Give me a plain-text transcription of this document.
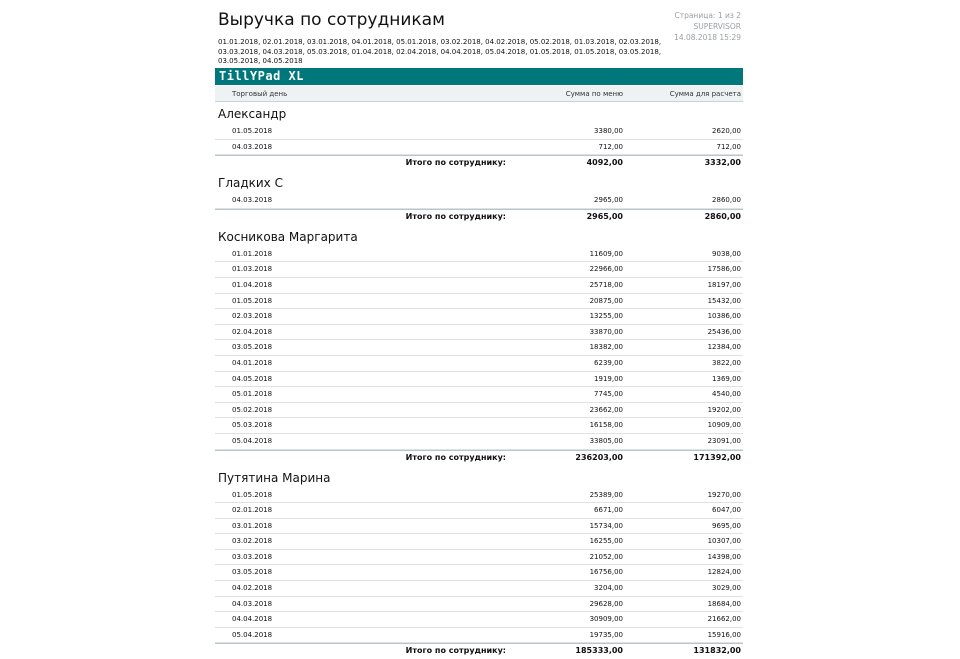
Выручка по сотрудникам	Страница: 1 из 2
SUPERVISOR
14.08.2018 15:29
01.01.2018, 02.01.2018, 03.01.2018, 04.01.2018, 05.01.2018, 03.02.2018, 04.02.2018, 05.02.2018, 01.03.2018, 02.03.2018, 03.03.2018, 04.03.2018, 05.03.2018, 01.04.2018, 02.04.2018, 04.04.2018, 05.04.2018, 01.05.2018, 01.05.2018, 03.05.2018, 03.05.2018, 04.05.2018
TillYPad XL
Торговый день	Сумма по меню	Сумма для расчета
Александр
01.05.2018	3380,00	2620,00
04.03.2018	712,00	712,00
Итого по сотруднику:	4092,00	3332,00
Гладких С
04.03.2018	2965,00	2860,00
Итого по сотруднику:	2965,00	2860,00
Косникова Маргарита
01.01.2018	11609,00	9038,00
01.03.2018	22966,00	17586,00
01.04.2018	25718,00	18197,00
01.05.2018	20875,00	15432,00
02.03.2018	13255,00	10386,00
02.04.2018	33870,00	25436,00
03.05.2018	18382,00	12384,00
04.01.2018	6239,00	3822,00
04.05.2018	1919,00	1369,00
05.01.2018	7745,00	4540,00
05.02.2018	23662,00	19202,00
05.03.2018	16158,00	10909,00
05.04.2018	33805,00	23091,00
Итого по сотруднику:	236203,00	171392,00
Путятина Марина
01.05.2018	25389,00	19270,00
02.01.2018	6671,00	6047,00
03.01.2018	15734,00	9695,00
03.02.2018	16255,00	10307,00
03.03.2018	21052,00	14398,00
03.05.2018	16756,00	12824,00
04.02.2018	3204,00	3029,00
04.03.2018	29628,00	18684,00
04.04.2018	30909,00	21662,00
05.04.2018	19735,00	15916,00
Итого по сотруднику:	185333,00	131832,00
